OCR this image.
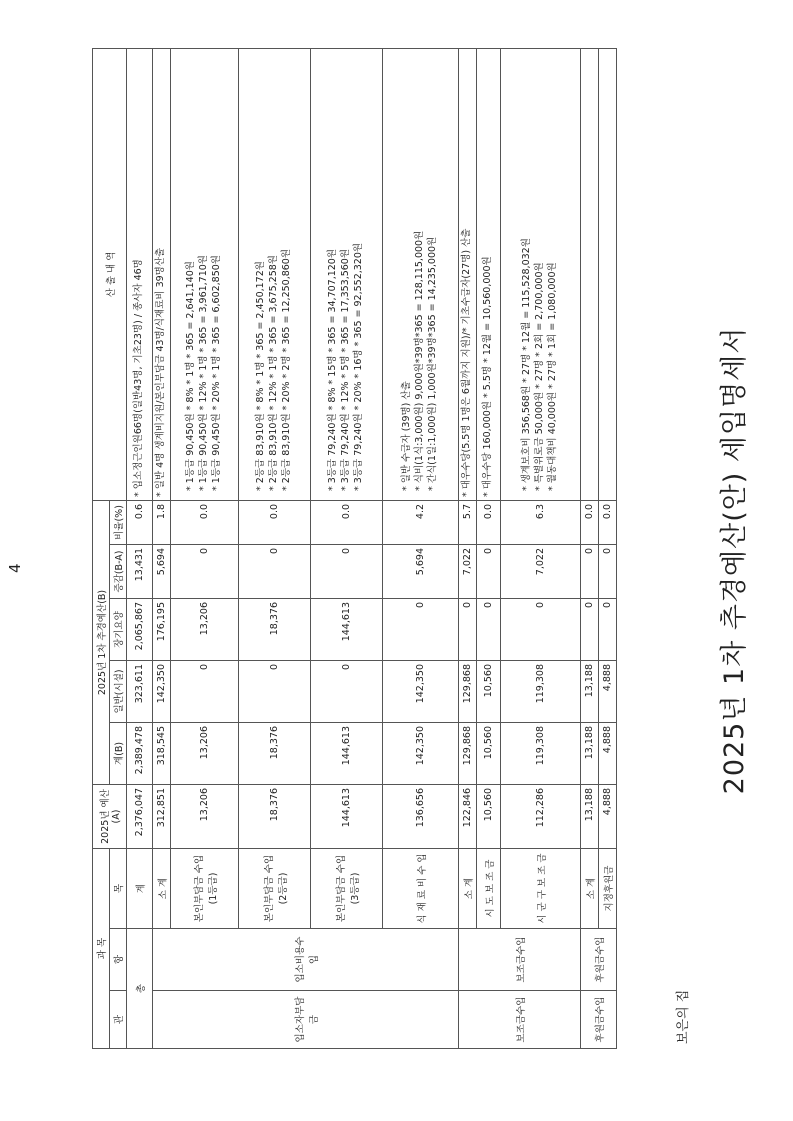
4	2025년 1차 추경예산(안) 세입명세서
보은의 집
과 목			2025년 예산(A)	2025년 1차 추경예산(B)					산 출 내 역
관	항	목		계(B)	일반(시설)	장기요양	증감(B-A)	비율(%)	
총		계	2,376,047	2,389,478	323,611	2,065,867	13,431	0.6	* 입소정근인원66명(일반43명, 기초23명) / 종사자 46명
입소자부담금	입소비용수입	소 계	312,851	318,545	142,350	176,195	5,694	1.8	* 일반 4명 생계비지원/본인부담금 43명/식재료비 39명산출
		본인부담금 수입(1등급)	13,206	13,206	0	13,206	0	0.0	* 1등급 90,450원 * 8% * 1명 * 365 = 2,641,140원 * 1등급 90,450원 * 12% * 1명 * 365 = 3,961,710원 * 1등급 90,450원 * 20% * 1명 * 365 = 6,602,850원

		본인부담금 수입(2등급)	18,376	18,376	0	18,376	0	0.0	* 2등급 83,910원 * 8% * 1명 * 365 = 2,450,172원 * 2등급 83,910원 * 12% * 1명 * 365 = 3,675,258원 * 2등급 83,910원 * 20% * 2명 * 365 = 12,250,860원

		본인부담금 수입(3등급)	144,613	144,613	0	144,613	0	0.0	* 3등급 79,240원 * 8% * 15명 * 365 = 34,707,120원 * 3등급 79,240원 * 12% * 5명 * 365 = 17,353,560원 * 3등급 79,240원 * 20% * 16명 * 365 = 92,552,320원

		식 재 료 비 수 입	136,656	142,350	142,350	0	5,694	4.2	* 일반 수급자 (39명) 산출 * 식비(1식:3,000원) 9,000원*39명*365 = 128,115,000원 * 간식(1일:1,000원) 1,000원*39명*365 = 14,235,000원

보조금수입	보조금수입	소 계	122,846	129,868	129,868	0	7,022	5.7	* 대우수당(5.5명 1명은 6월까지 지원)/* 기초수급자(27명) 산출
		시 도 보 조 금	10,560	10,560	10,560	0	0	0.0	* 대우수당 160,000원 * 5.5명 * 12월 = 10,560,000원
		시 군 구 보 조 금	112,286	119,308	119,308	0	7,022	6.3	* 생계보호비 356,568원 * 27명 * 12월 = 115,528,032원 * 특별위로금 50,000원 * 27명 * 2회 = 2,700,000원 * 월동대책비 40,000원 * 27명 * 1회 = 1,080,000원

후원금수입	후원금수입	소 계	13,188	13,188	13,188	0	0	0.0	
		지정후원금	4,888	4,888	4,888	0	0	0.0	
